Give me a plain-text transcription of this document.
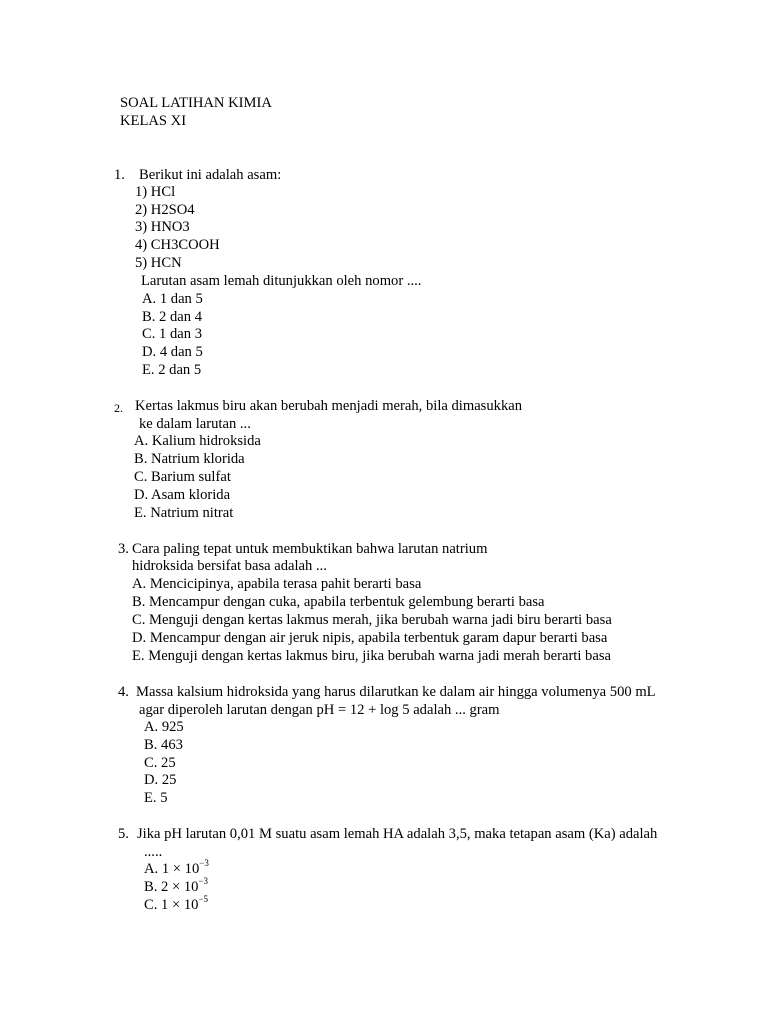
SOAL LATIHAN KIMIA
KELAS XI
1. Berikut ini adalah asam:
1) HCl
2) H2SO4
3) HNO3
4) CH3COOH
5) HCN
Larutan asam lemah ditunjukkan oleh nomor ....
A. 1 dan 5
B. 2 dan 4
C. 1 dan 3
D. 4 dan 5
E. 2 dan 5
2. Kertas lakmus biru akan berubah menjadi merah, bila dimasukkan
ke dalam larutan ...
A. Kalium hidroksida
B. Natrium klorida
C. Barium sulfat
D. Asam klorida
E. Natrium nitrat
3. Cara paling tepat untuk membuktikan bahwa larutan natrium
hidroksida bersifat basa adalah ...
A. Mencicipinya, apabila terasa pahit berarti basa
B. Mencampur dengan cuka, apabila terbentuk gelembung berarti basa
C. Menguji dengan kertas lakmus merah, jika berubah warna jadi biru berarti basa
D. Mencampur dengan air jeruk nipis, apabila terbentuk garam dapur berarti basa
E. Menguji dengan kertas lakmus biru, jika berubah warna jadi merah berarti basa
4. Massa kalsium hidroksida yang harus dilarutkan ke dalam air hingga volumenya 500 mL
agar diperoleh larutan dengan pH = 12 + log 5 adalah ... gram
A. 925
B. 463
C. 25
D. 25
E. 5
5. Jika pH larutan 0,01 M suatu asam lemah HA adalah 3,5, maka tetapan asam (Ka) adalah
.....
A. $1 \times 10^{-3}$
B. $2 \times 10^{-3}$
C. $1 \times 10^{-5}$
